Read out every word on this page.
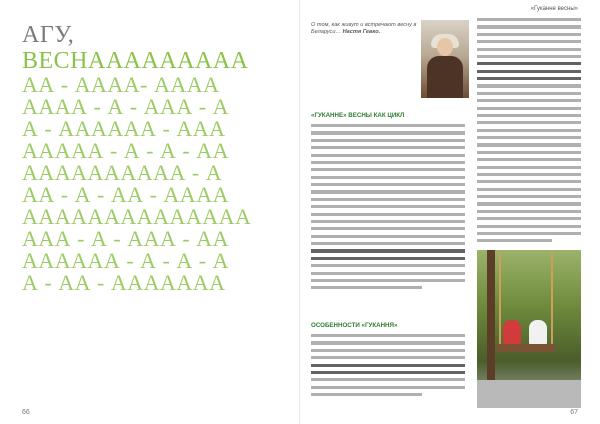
АГУ,
ВЕСНААААААААА
АА - АААА- АААА
АААА - А - ААА - А
А - АААААА - ААА
ААААА - А - А - АА
АААААААААА - А
АА - А - АА - АААА
АААААААААААААА
ААА - А - ААА - АА
АААААА - А - А - А
А - АА - ААААААА
66
«Гуканне весны»
О том, как живут и встречают весну в Беларуси… Настя Гевко.
«ГУКАННЕ» ВЕСНЫ КАК ЦИКЛ
ОСОБЕННОСТИ «ГУКАННЯ»
67
